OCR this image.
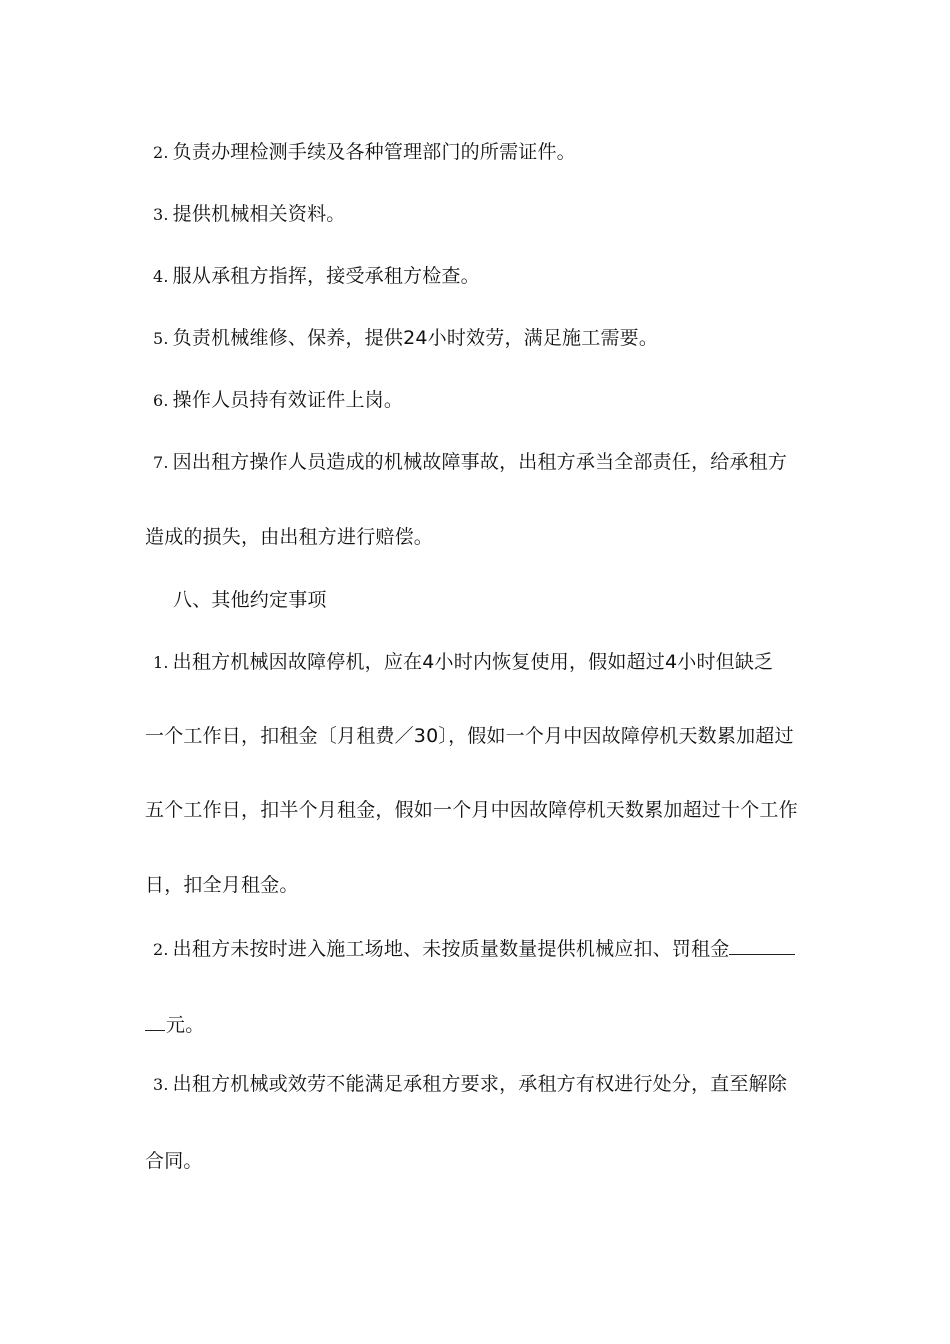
2. 负责办理检测手续及各种管理部门的所需证件。
3. 提供机械相关资料。
4. 服从承租方指挥，接受承租方检查。
5. 负责机械维修、保养，提供24小时效劳，满足施工需要。
6. 操作人员持有效证件上岗。
7. 因出租方操作人员造成的机械故障事故，出租方承当全部责任，给承租方
造成的损失，由出租方进行赔偿。
八、其他约定事项
1. 出租方机械因故障停机，应在4小时内恢复使用，假如超过4小时但缺乏
一个工作日，扣租金〔月租费／30〕，假如一个月中因故障停机天数累加超过
五个工作日，扣半个月租金，假如一个月中因故障停机天数累加超过十个工作
日，扣全月租金。
2. 出租方未按时进入施工场地、未按质量数量提供机械应扣、罚租金
元。
3. 出租方机械或效劳不能满足承租方要求，承租方有权进行处分，直至解除
合同。
